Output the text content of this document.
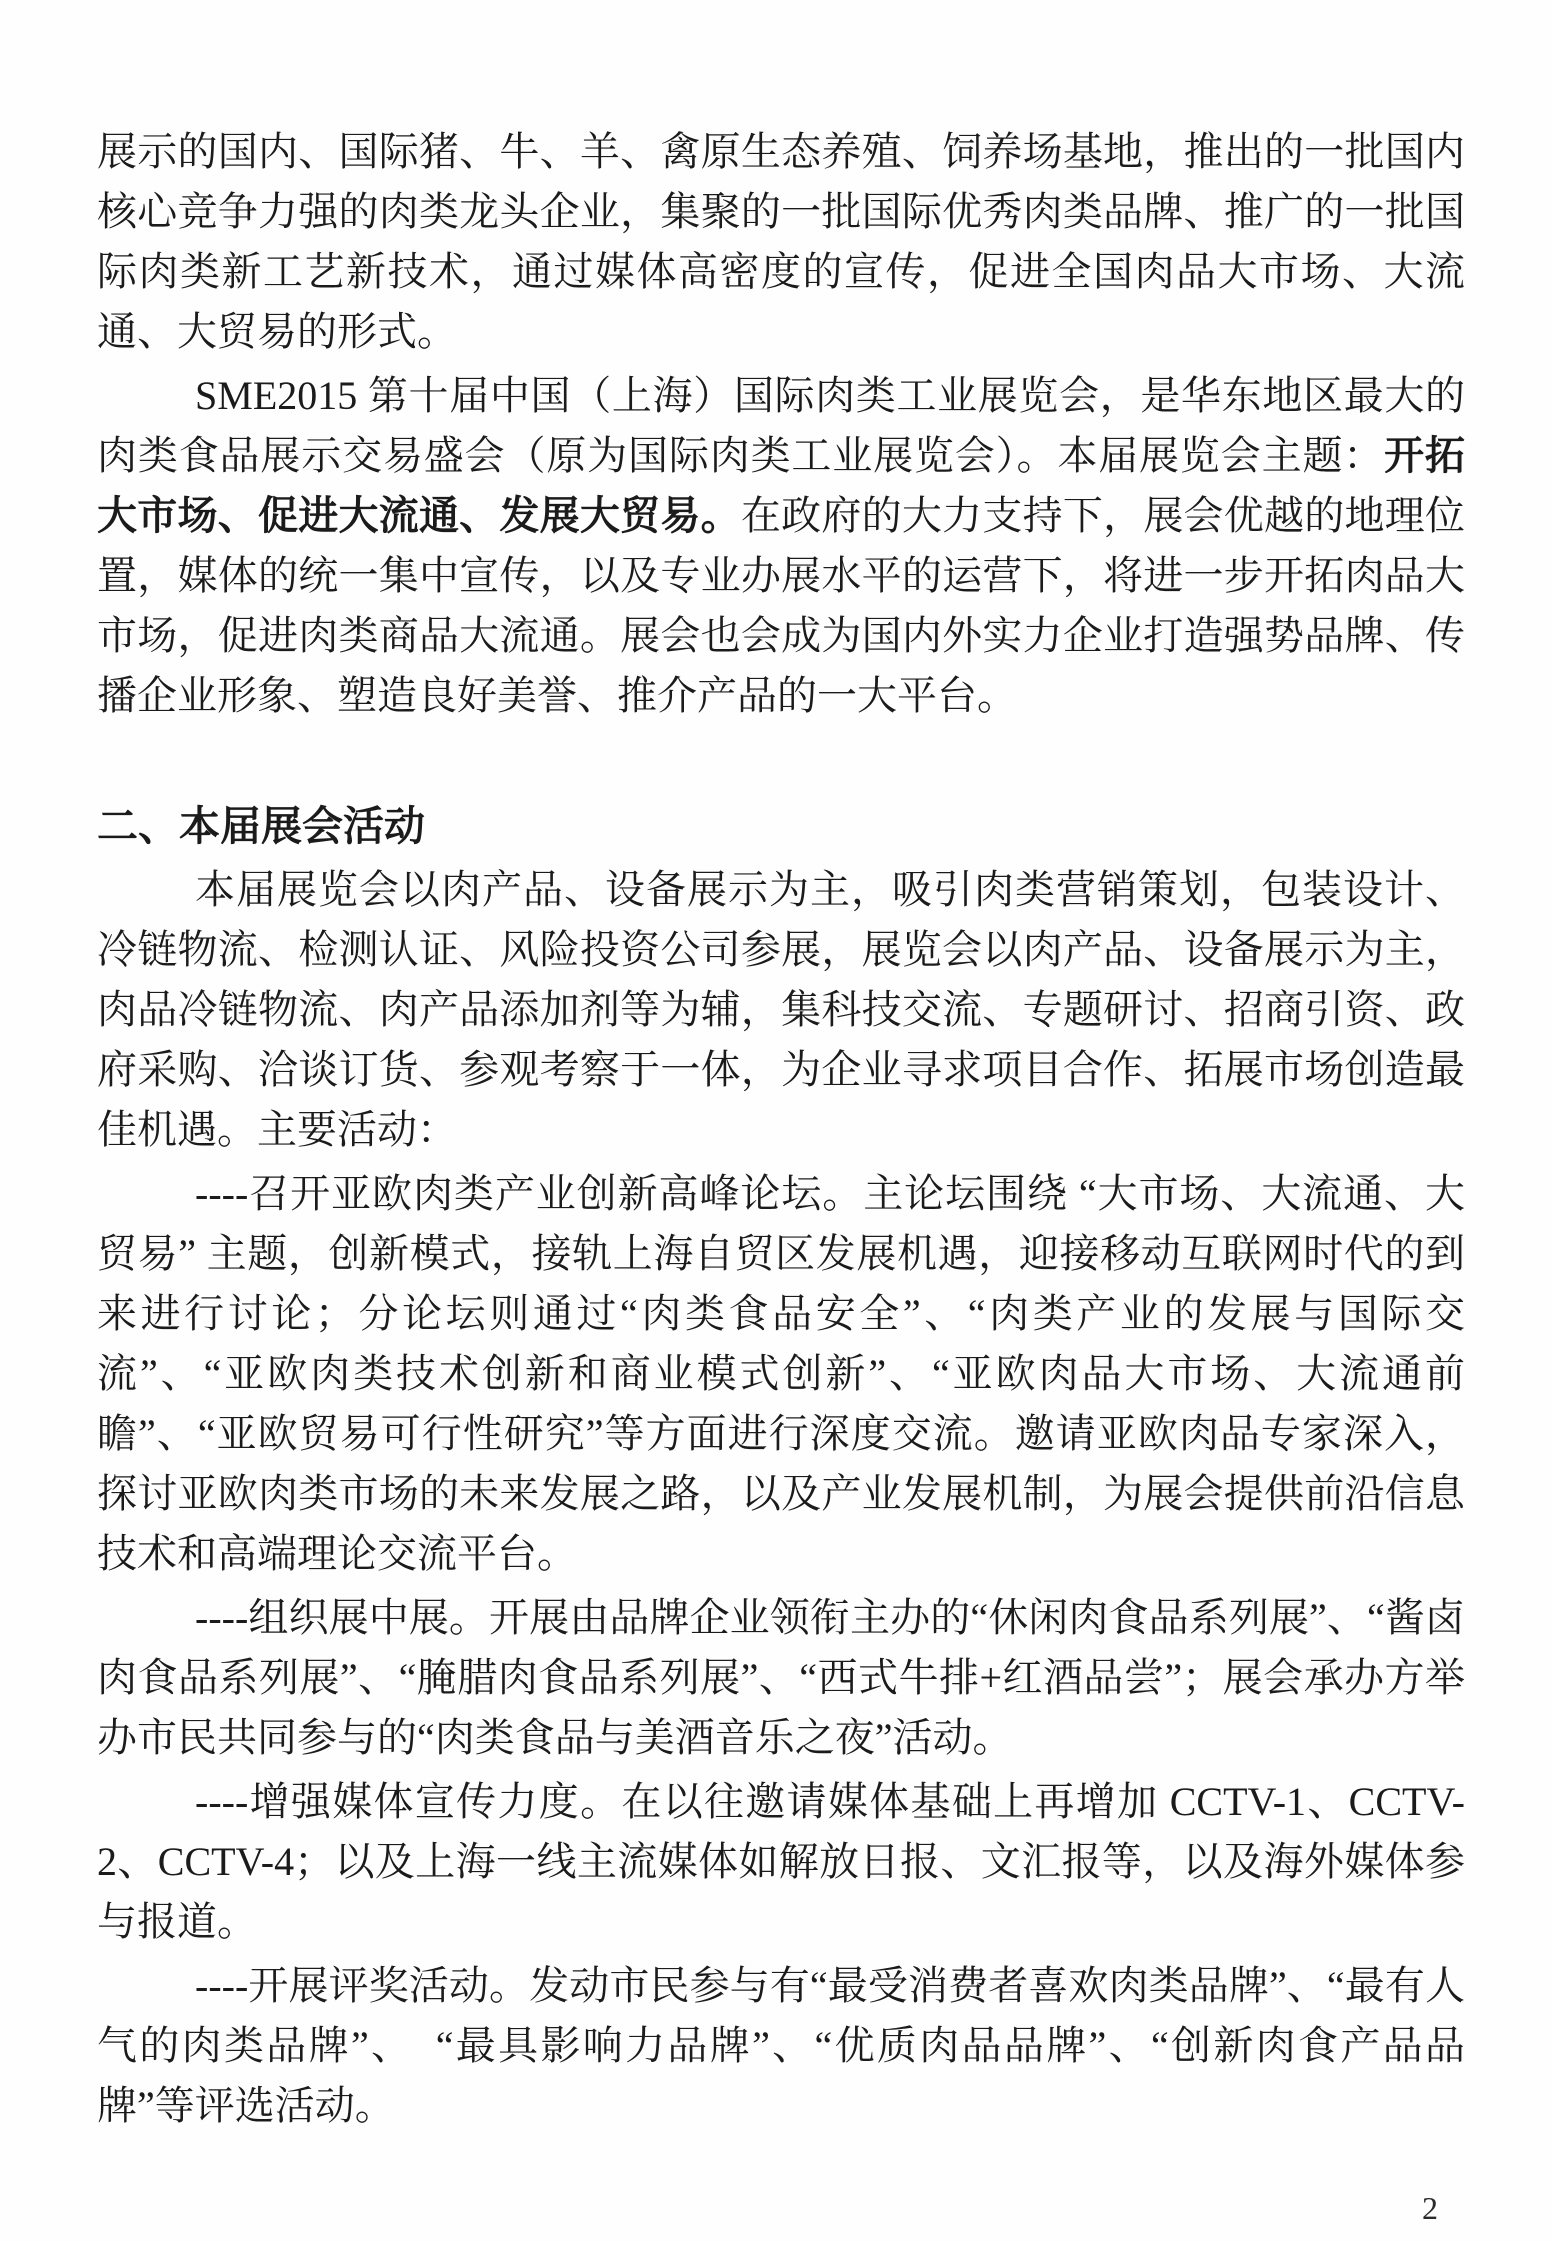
展示的国内、国际猪、牛、羊、禽原生态养殖、饲养场基地，推出的一批国内核心竞争力强的肉类龙头企业，集聚的一批国际优秀肉类品牌、推广的一批国际肉类新工艺新技术，通过媒体高密度的宣传，促进全国肉品大市场、大流通、大贸易的形式。

SME2015 第十届中国（上海）国际肉类工业展览会，是华东地区最大的肉类食品展示交易盛会（原为国际肉类工业展览会）。本届展览会主题：开拓大市场、促进大流通、发展大贸易。在政府的大力支持下，展会优越的地理位置，媒体的统一集中宣传，以及专业办展水平的运营下，将进一步开拓肉品大市场，促进肉类商品大流通。展会也会成为国内外实力企业打造强势品牌、传播企业形象、塑造良好美誉、推介产品的一大平台。

二、本届展会活动

本届展览会以肉产品、设备展示为主，吸引肉类营销策划，包装设计、冷链物流、检测认证、风险投资公司参展，展览会以肉产品、设备展示为主，肉品冷链物流、肉产品添加剂等为辅，集科技交流、专题研讨、招商引资、政府采购、洽谈订货、参观考察于一体，为企业寻求项目合作、拓展市场创造最佳机遇。主要活动：

----召开亚欧肉类产业创新高峰论坛。主论坛围绕 “大市场、大流通、大贸易” 主题，创新模式，接轨上海自贸区发展机遇，迎接移动互联网时代的到来进行讨论；分论坛则通过“肉类食品安全”、“肉类产业的发展与国际交流”、“亚欧肉类技术创新和商业模式创新”、“亚欧肉品大市场、大流通前瞻”、“亚欧贸易可行性研究”等方面进行深度交流。邀请亚欧肉品专家深入，探讨亚欧肉类市场的未来发展之路，以及产业发展机制，为展会提供前沿信息技术和高端理论交流平台。

----组织展中展。开展由品牌企业领衔主办的“休闲肉食品系列展”、“酱卤肉食品系列展”、“腌腊肉食品系列展”、“西式牛排+红酒品尝”；展会承办方举办市民共同参与的“肉类食品与美酒音乐之夜”活动。

----增强媒体宣传力度。在以往邀请媒体基础上再增加 CCTV-1、CCTV-2、CCTV-4；以及上海一线主流媒体如解放日报、文汇报等，以及海外媒体参与报道。

----开展评奖活动。发动市民参与有“最受消费者喜欢肉类品牌”、“最有人气的肉类品牌”、　“最具影响力品牌”、“优质肉品品牌”、“创新肉食产品品牌”等评选活动。

2
